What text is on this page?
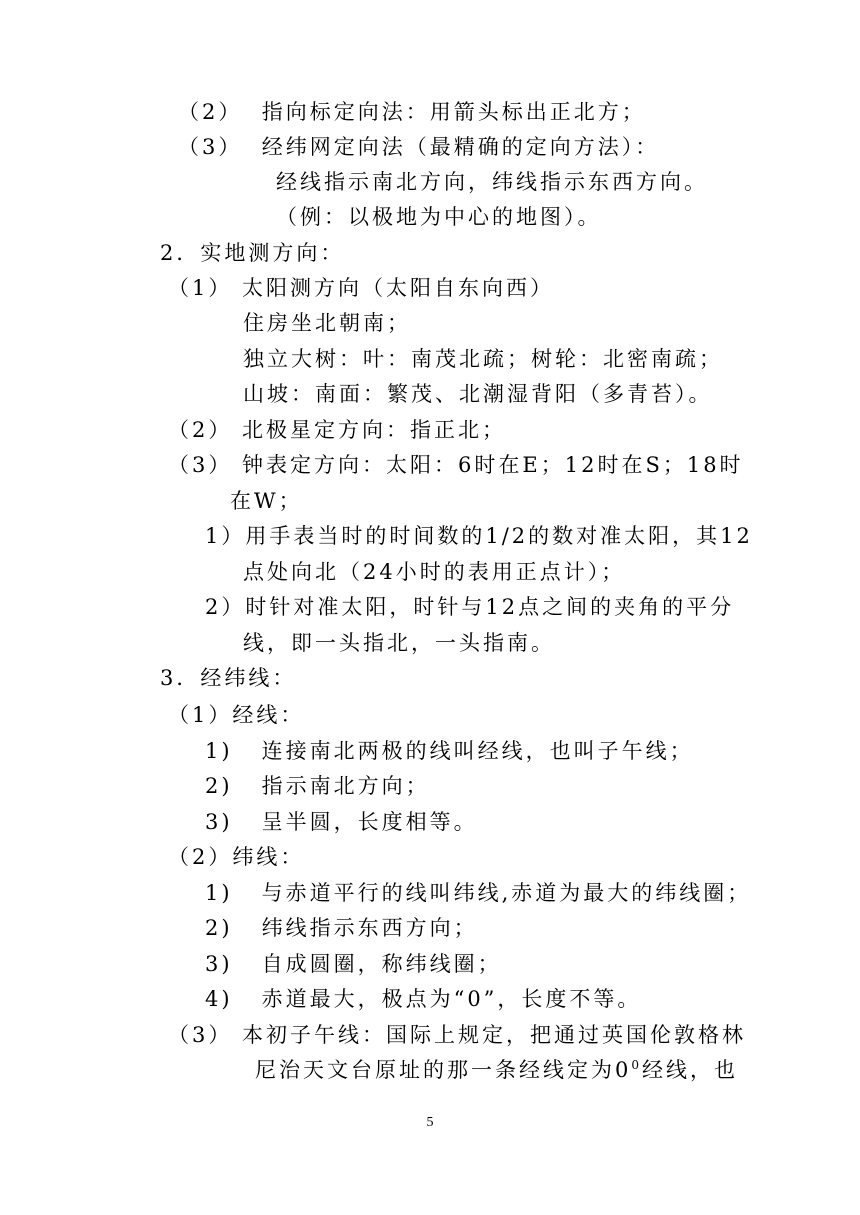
（2）  指向标定向法：用箭头标出正北方；
（3）  经纬网定向法（最精确的定向方法）：
经线指示南北方向，纬线指示东西方向。
（例：以极地为中心的地图）。
2．实地测方向：
（1） 太阳测方向（太阳自东向西）
住房坐北朝南；
独立大树：叶：南茂北疏；树轮：北密南疏；
山坡：南面：繁茂、北潮湿背阳（多青苔）。
（2） 北极星定方向：指正北；
（3） 钟表定方向：太阳：6时在E；12时在S；18时
在W；
1）用手表当时的时间数的1/2的数对准太阳，其12
点处向北（24小时的表用正点计）；
2）时针对准太阳，时针与12点之间的夹角的平分
线，即一头指北，一头指南。
3．经纬线：
（1）经线：
1)   连接南北两极的线叫经线，也叫子午线；
2)   指示南北方向；
3)   呈半圆，长度相等。
（2）纬线：
1)   与赤道平行的线叫纬线,赤道为最大的纬线圈；
2)   纬线指示东西方向；
3)   自成圆圈，称纬线圈；
4)   赤道最大，极点为“0”，长度不等。
（3） 本初子午线：国际上规定，把通过英国伦敦格林
尼治天文台原址的那一条经线定为$0^0$经线，也
5
